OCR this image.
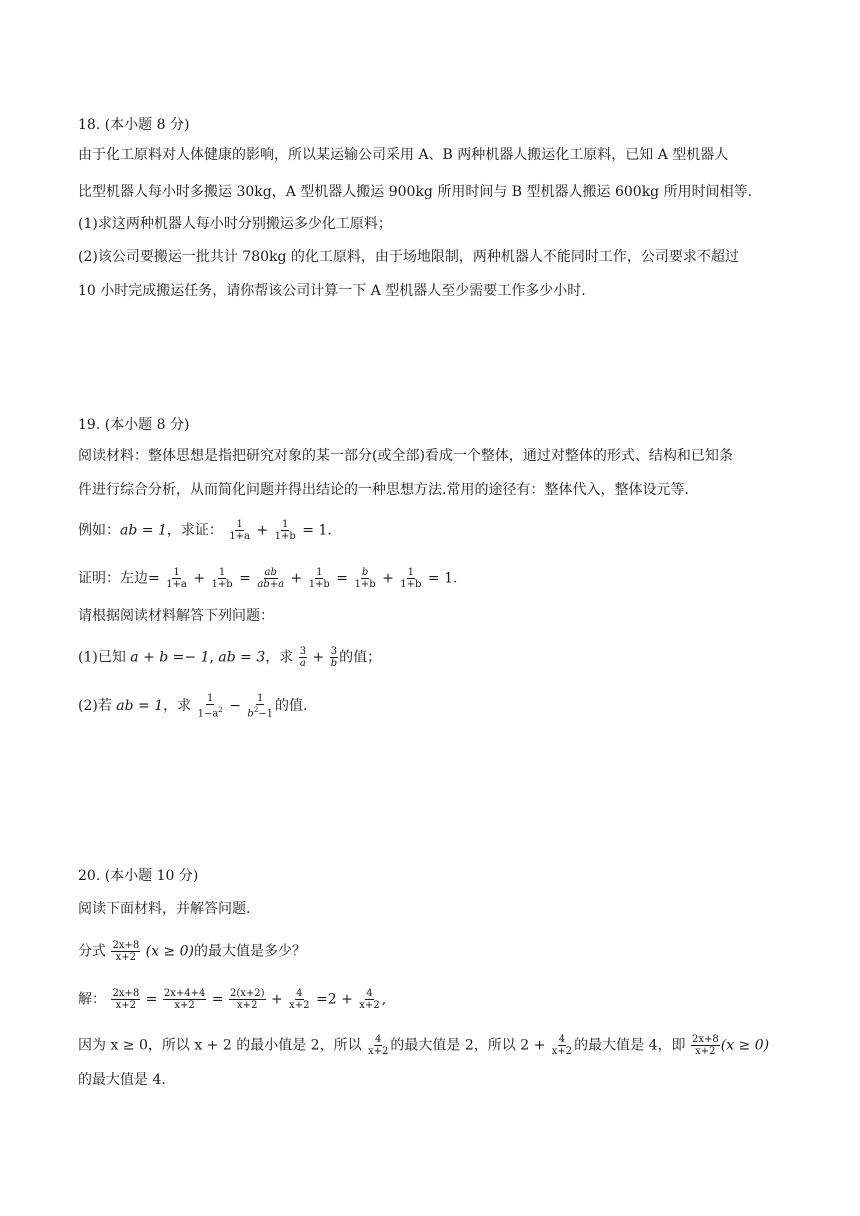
18. (本小题 8 分)
由于化工原料对人体健康的影响，所以某运输公司采用 A、B 两种机器人搬运化工原料，已知 A 型机器人
比型机器人每小时多搬运 30kg，A 型机器人搬运 900kg 所用时间与 B 型机器人搬运 600kg 所用时间相等.
(1)求这两种机器人每小时分别搬运多少化工原料；
(2)该公司要搬运一批共计 780kg 的化工原料，由于场地限制，两种机器人不能同时工作，公司要求不超过
10 小时完成搬运任务，请你帮该公司计算一下 A 型机器人至少需要工作多少小时.
19. (本小题 8 分)
阅读材料：整体思想是指把研究对象的某一部分(或全部)看成一个整体，通过对整体的形式、结构和已知条
件进行综合分析，从而简化问题并得出结论的一种思想方法.常用的途径有：整体代入，整体设元等.
例如：ab = 1，求证： $\frac{1}{1+a} + \frac{1}{1+b} = 1$.
证明：左边= $\frac{1}{1+a} + \frac{1}{1+b} = \frac{ab}{ab+a} + \frac{1}{1+b} = \frac{b}{1+b} + \frac{1}{1+b} = 1$.
请根据阅读材料解答下列问题：
(1)已知 a + b =− 1, ab = 3，求 $\frac{3}{a} + \frac{3}{b}$ 的值；
(2)若 ab = 1，求 $\frac{1}{1-a^2} - \frac{1}{b^2-1}$ 的值.
20. (本小题 10 分)
阅读下面材料，并解答问题.
分式 $\frac{2x+8}{x+2} (x \ge 0)$的最大值是多少？
解： $\frac{2x+8}{x+2} = \frac{2x+4+4}{x+2} = \frac{2(x+2)}{x+2} + \frac{4}{x+2} =2 + \frac{4}{x+2}$ ,
因为 x ≥ 0，所以 x + 2 的最小值是 2，所以 $\frac{4}{x+2}$ 的最大值是 2，所以 $2 + \frac{4}{x+2}$ 的最大值是 4，即 $\frac{2x+8}{x+2} (x \ge 0)$
的最大值是 4.
